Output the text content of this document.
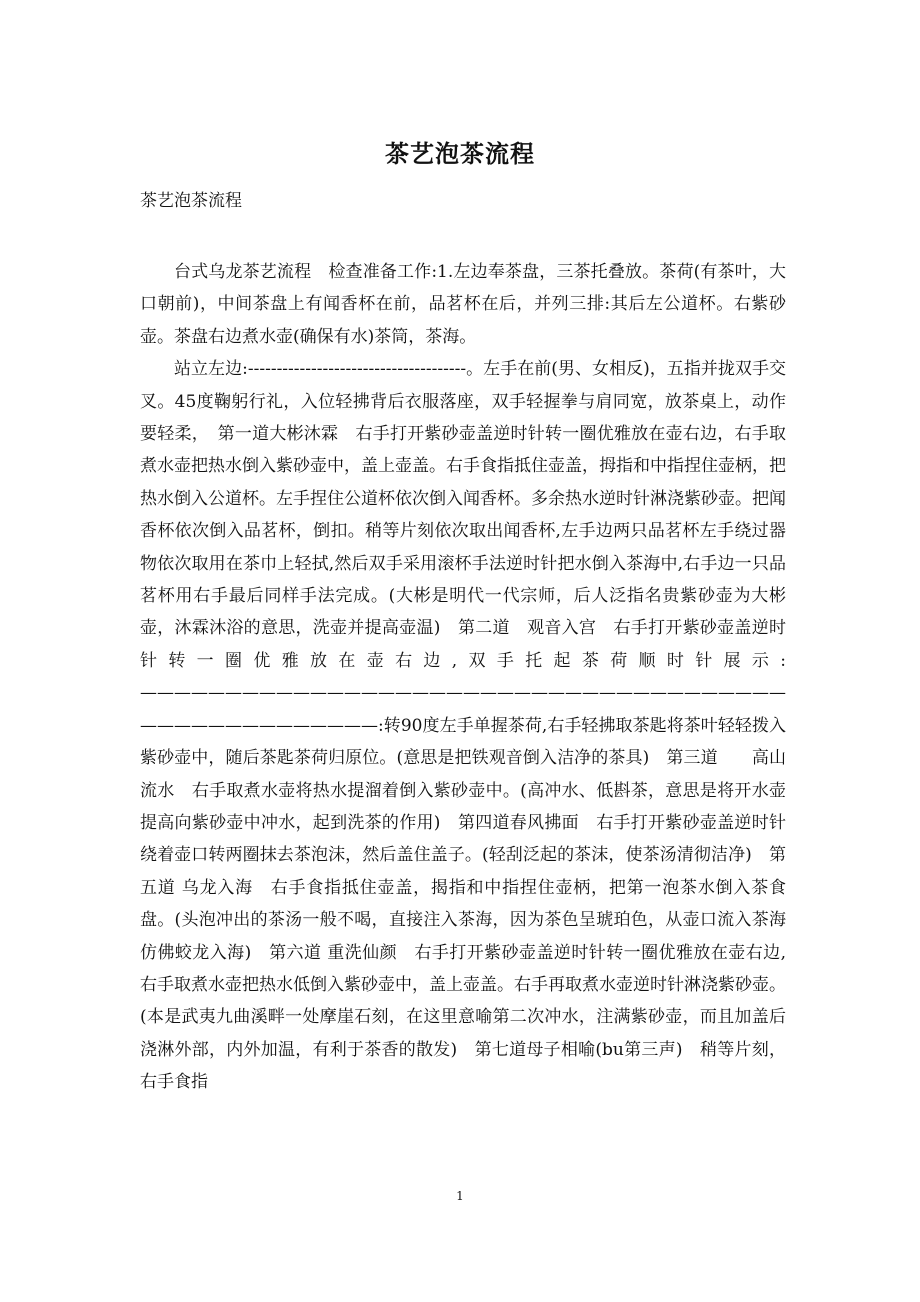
茶艺泡茶流程
茶艺泡茶流程

台式乌龙茶艺流程　检查准备工作:1.左边奉茶盘，三茶托叠放。茶荷(有茶叶，大口朝前)，中间茶盘上有闻香杯在前，品茗杯在后，并列三排:其后左公道杯。右紫砂壶。茶盘右边煮水壶(确保有水)茶筒，茶海。

站立左边:--------------------------------------。左手在前(男、女相反)，五指并拢双手交叉。45度鞠躬行礼，入位轻拂背后衣服落座，双手轻握拳与肩同宽，放茶桌上，动作要轻柔，　第一道大彬沐霖　右手打开紫砂壶盖逆时针转一圈优雅放在壶右边，右手取煮水壶把热水倒入紫砂壶中，盖上壶盖。右手食指抵住壶盖，拇指和中指捏住壶柄，把热水倒入公道杯。左手捏住公道杯依次倒入闻香杯。多余热水逆时针淋浇紫砂壶。把闻香杯依次倒入品茗杯，倒扣。稍等片刻依次取出闻香杯,左手边两只品茗杯左手绕过器物依次取用在茶巾上轻拭,然后双手采用滚杯手法逆时针把水倒入茶海中,右手边一只品茗杯用右手最后同样手法完成。(大彬是明代一代宗师，后人泛指名贵紫砂壶为大彬壶，沐霖沐浴的意思，洗壶并提高壶温)　第二道　观音入宫　右手打开紫砂壶盖逆时针转一圈优雅放在壶右边,双手托起茶荷顺时针展示:　————————————————————————————————————————————————————:转90度左手单握茶荷,右手轻拂取茶匙将茶叶轻轻拨入紫砂壶中，随后茶匙茶荷归原位。(意思是把铁观音倒入洁净的茶具)　第三道　　高山流水　右手取煮水壶将热水提溜着倒入紫砂壶中。(高冲水、低斟茶，意思是将开水壶　提高向紫砂壶中冲水，起到洗茶的作用)　第四道春风拂面　右手打开紫砂壶盖逆时针绕着壶口转两圈抹去茶泡沫，然后盖住盖子。(轻刮泛起的茶沫，使茶汤清彻洁净)　第五道 乌龙入海　右手食指抵住壶盖，揭指和中指捏住壶柄，把第一泡茶水倒入茶食盘。(头泡冲出的茶汤一般不喝，直接注入茶海，因为茶色呈琥珀色，从壶口流入茶海仿佛蛟龙入海)　第六道 重洗仙颜　右手打开紫砂壶盖逆时针转一圈优雅放在壶右边,右手取煮水壶把热水低倒入紫砂壶中，盖上壶盖。右手再取煮水壶逆时针淋浇紫砂壶。(本是武夷九曲溪畔一处摩崖石刻，在这里意喻第二次冲水，注满紫砂壶，而且加盖后浇淋外部，内外加温，有利于茶香的散发)　第七道母子相喻(bu第三声)　稍等片刻，右手食指

1
